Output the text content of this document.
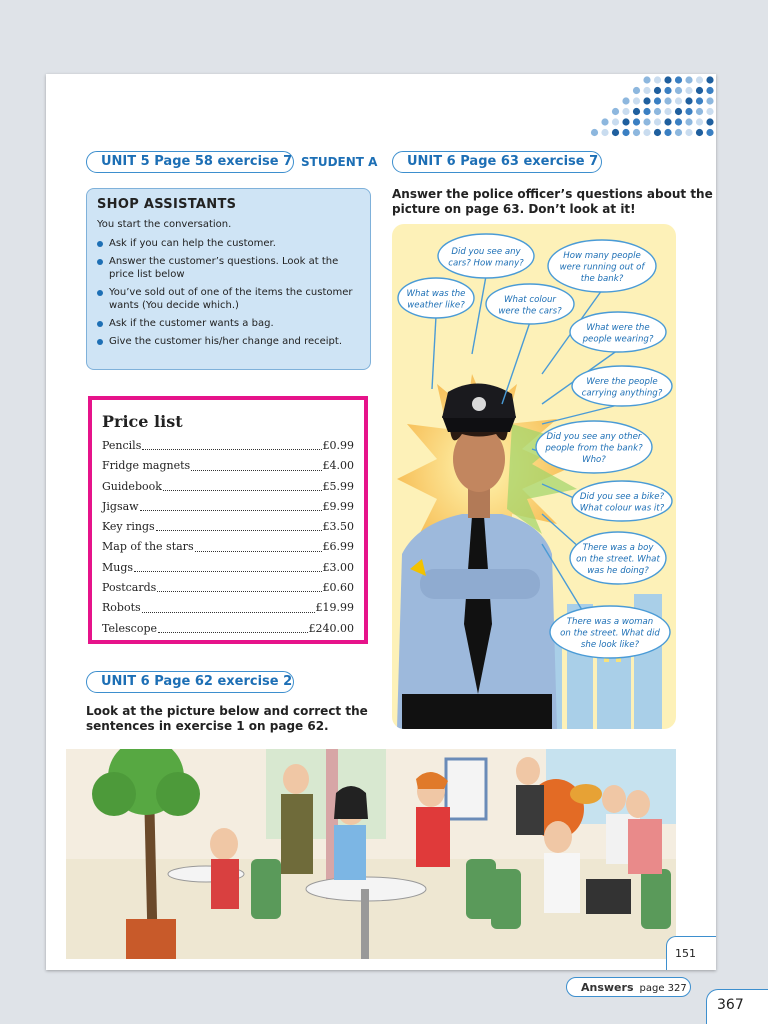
UNIT 5 Page 58 exercise 7 STUDENT A
SHOP ASSISTANTS

You start the conversation.

Ask if you can help the customer.
Answer the customer’s questions. Look at the price list below
You’ve sold out of one of the items the customer wants (You decide which.)
Ask if the customer wants a bag.
Give the customer his/her change and receipt.
Price list
Pencils	£0.99
Fridge magnets	£4.00
Guidebook	£5.99
Jigsaw	£9.99
Key rings	£3.50
Map of the stars	£6.99
Mugs	£3.00
Postcards	£0.60
Robots	£19.99
Telescope	£240.00
UNIT 6 Page 62 exercise 2
Look at the picture below and correct the
sentences in exercise 1 on page 62.
UNIT 6 Page 63 exercise 7
Answer the police officer’s questions about the
picture on page 63. Don’t look at it!
Did you see any
cars? How many?
How many people
were running out of
the bank?
What was the
weather like?
What colour
were the cars?
What were the
people wearing?
Were the people
carrying anything?
Did you see any other
people from the bank?
Who?
Did you see a bike?
What colour was it?
There was a boy
on the street. What
was he doing?
There was a woman
on the street. What did
she look like?
151
Answers page 327
367
